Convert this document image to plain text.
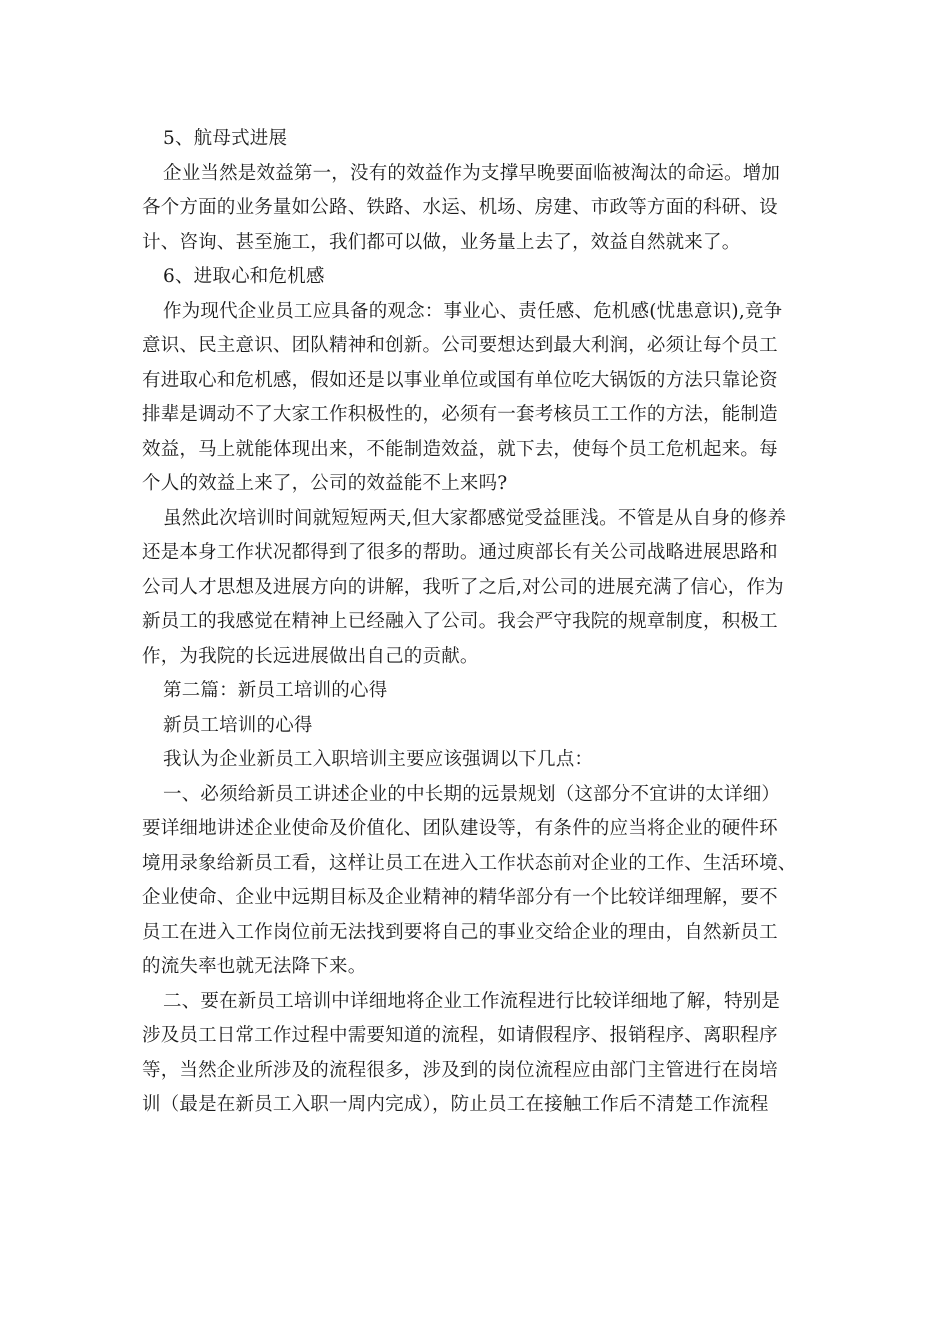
5、航母式进展
企业当然是效益第一，没有的效益作为支撑早晚要面临被淘汰的命运。增加
各个方面的业务量如公路、铁路、水运、机场、房建、市政等方面的科研、设
计、咨询、甚至施工，我们都可以做，业务量上去了，效益自然就来了。
6、进取心和危机感
作为现代企业员工应具备的观念：事业心、责任感、危机感(忧患意识),竞争
意识、民主意识、团队精神和创新。公司要想达到最大利润，必须让每个员工
有进取心和危机感，假如还是以事业单位或国有单位吃大锅饭的方法只靠论资
排辈是调动不了大家工作积极性的，必须有一套考核员工工作的方法，能制造
效益，马上就能体现出来，不能制造效益，就下去，使每个员工危机起来。每
个人的效益上来了，公司的效益能不上来吗?
虽然此次培训时间就短短两天,但大家都感觉受益匪浅。不管是从自身的修养
还是本身工作状况都得到了很多的帮助。通过庾部长有关公司战略进展思路和
公司人才思想及进展方向的讲解，我听了之后,对公司的进展充满了信心，作为
新员工的我感觉在精神上已经融入了公司。我会严守我院的规章制度，积极工
作，为我院的长远进展做出自己的贡献。
第二篇：新员工培训的心得
新员工培训的心得
我认为企业新员工入职培训主要应该强调以下几点：
一、必须给新员工讲述企业的中长期的远景规划（这部分不宜讲的太详细）
要详细地讲述企业使命及价值化、团队建设等，有条件的应当将企业的硬件环
境用录象给新员工看，这样让员工在进入工作状态前对企业的工作、生活环境、
企业使命、企业中远期目标及企业精神的精华部分有一个比较详细理解，要不
员工在进入工作岗位前无法找到要将自己的事业交给企业的理由，自然新员工
的流失率也就无法降下来。
二、要在新员工培训中详细地将企业工作流程进行比较详细地了解，特别是
涉及员工日常工作过程中需要知道的流程，如请假程序、报销程序、离职程序
等，当然企业所涉及的流程很多，涉及到的岗位流程应由部门主管进行在岗培
训（最是在新员工入职一周内完成），防止员工在接触工作后不清楚工作流程
